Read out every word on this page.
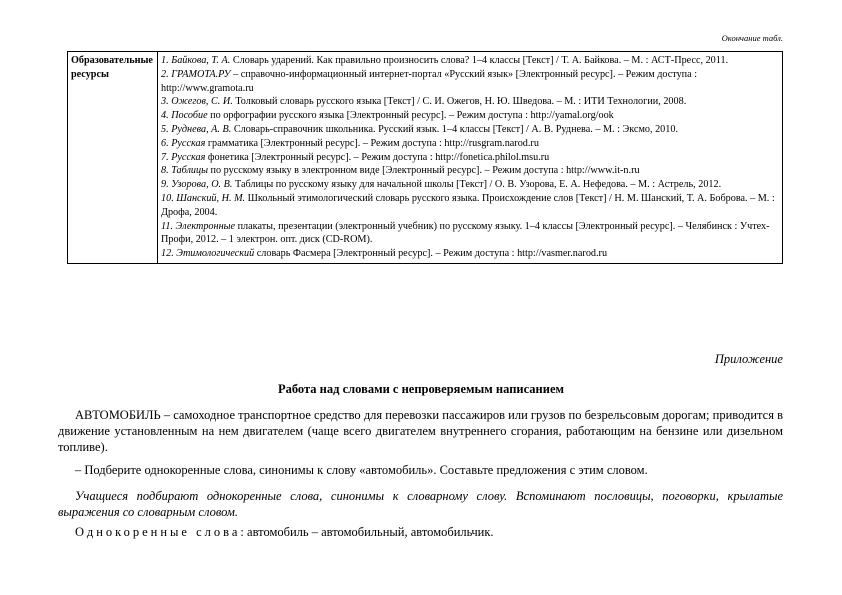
Окончание табл.
Образовательные ресурсы

1. Байкова, Т. А. Словарь ударений. Как правильно произносить слова? 1–4 классы [Текст] / Т. А. Байкова. – М. : АСТ-Пресс, 2011.
2. ГРАМОТА.РУ – справочно-информационный интернет-портал «Русский язык» [Электронный ресурс]. – Режим доступа : http://www.gramota.ru
3. Ожегов, С. И. Толковый словарь русского языка [Текст] / С. И. Ожегов, Н. Ю. Шведова. – М. : ИТИ Технологии, 2008.
4. Пособие по орфографии русского языка [Электронный ресурс]. – Режим доступа : http://yamal.org/ook
5. Руднева, А. В. Словарь-справочник школьника. Русский язык. 1–4 классы [Текст] / А. В. Руднева. – М. : Эксмо, 2010.
6. Русская грамматика [Электронный ресурс]. – Режим доступа : http://rusgram.narod.ru
7. Русская фонетика [Электронный ресурс]. – Режим доступа : http://fonetica.philol.msu.ru
8. Таблицы по русскому языку в электронном виде [Электронный ресурс]. – Режим доступа : http://www.it-n.ru
9. Узорова, О. В. Таблицы по русскому языку для начальной школы [Текст] / О. В. Узорова, Е. А. Нефедова. – М. : Астрель, 2012.
10. Шанский, Н. М. Школьный этимологический словарь русского языка. Происхождение слов [Текст] / Н. М. Шанский, Т. А. Боброва. – М. : Дрофа, 2004.
11. Электронные плакаты, презентации (электронный учебник) по русскому языку. 1–4 классы [Электронный ресурс]. – Челябинск : Учтех-Профи, 2012. – 1 электрон. опт. диск (CD-ROM).
12. Этимологический словарь Фасмера [Электронный ресурс]. – Режим доступа : http://vasmer.narod.ru
Приложение
Работа над словами с непроверяемым написанием
АВТОМОБИЛЬ – самоходное транспортное средство для перевозки пассажиров или грузов по безрельсовым дорогам; приводится в движение установленным на нем двигателем (чаще всего двигателем внутреннего сгорания, работающим на бензине или дизельном топливе).
– Подберите однокоренные слова, синонимы к слову «автомобиль». Составьте предложения с этим словом.
Учащиеся подбирают однокоренные слова, синонимы к словарному слову. Вспоминают пословицы, поговорки, крылатые выражения со словарным словом.
Однокоренные слова: автомобиль – автомобильный, автомобильчик.
